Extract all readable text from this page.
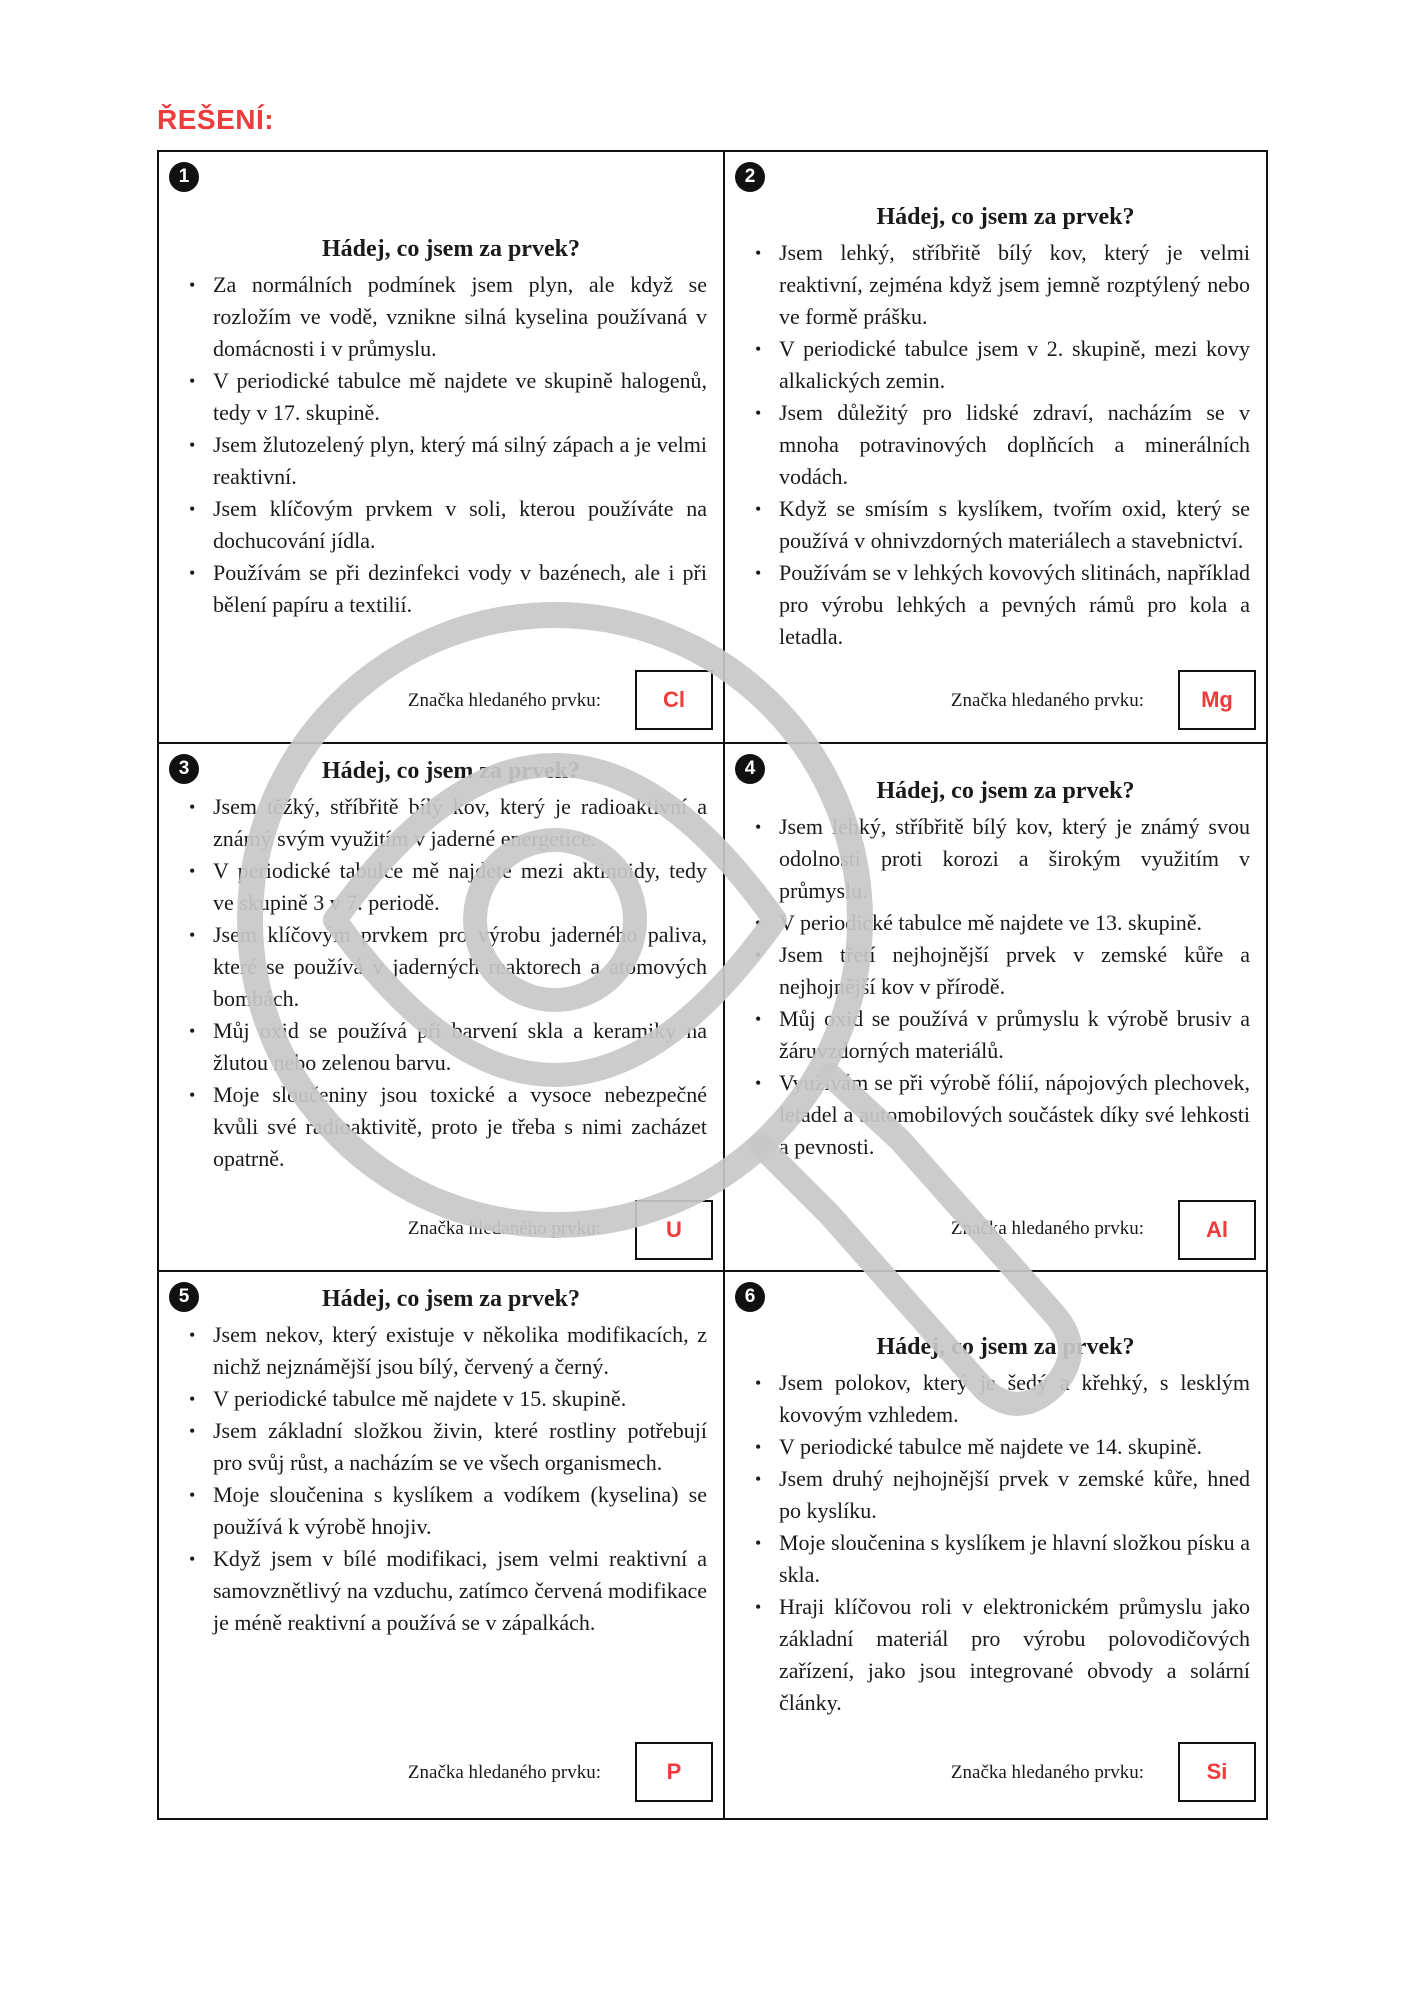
ŘEŠENÍ:
1
Hádej, co jsem za prvek?
• Za normálních podmínek jsem plyn, ale když se rozložím ve vodě, vznikne silná kyselina používaná v domácnosti i v průmyslu.
• V periodické tabulce mě najdete ve skupině halogenů, tedy v 17. skupině.
• Jsem žlutozelený plyn, který má silný zápach a je velmi reaktivní.
• Jsem klíčovým prvkem v soli, kterou používáte na dochucování jídla.
• Používám se při dezinfekci vody v bazénech, ale i při bělení papíru a textilií.
Značka hledaného prvku:	Cl
2
Hádej, co jsem za prvek?
• Jsem lehký, stříbřitě bílý kov, který je velmi reaktivní, zejména když jsem jemně rozptýlený nebo ve formě prášku.
• V periodické tabulce jsem v 2. skupině, mezi kovy alkalických zemin.
• Jsem důležitý pro lidské zdraví, nacházím se v mnoha potravinových doplňcích a minerálních vodách.
• Když se smísím s kyslíkem, tvořím oxid, který se používá v ohnivzdorných materiálech a stavebnictví.
• Používám se v lehkých kovových slitinách, například pro výrobu lehkých a pevných rámů pro kola a letadla.
Značka hledaného prvku:	Mg
3	Hádej, co jsem za prvek?
• Jsem těžký, stříbřitě bílý kov, který je radioaktivní a známý svým využitím v jaderné energetice.
• V periodické tabulce mě najdete mezi aktinoidy, tedy ve skupině 3 v 7. periodě.
• Jsem klíčovým prvkem pro výrobu jaderného paliva, které se používá v jaderných reaktorech a atomových bombách.
• Můj oxid se používá při barvení skla a keramiky na žlutou nebo zelenou barvu.
• Moje sloučeniny jsou toxické a vysoce nebezpečné kvůli své radioaktivitě, proto je třeba s nimi zacházet opatrně.
Značka hledaného prvku:	U
4
Hádej, co jsem za prvek?
• Jsem lehký, stříbřitě bílý kov, který je známý svou odolností proti korozi a širokým využitím v průmyslu.
• V periodické tabulce mě najdete ve 13. skupině.
• Jsem třetí nejhojnější prvek v zemské kůře a nejhojnější kov v přírodě.
• Můj oxid se používá v průmyslu k výrobě brusiv a žáruvzdorných materiálů.
• Využívám se při výrobě fólií, nápojových plechovek, letadel a automobilových součástek díky své lehkosti a pevnosti.
Značka hledaného prvku:	Al
5	Hádej, co jsem za prvek?
• Jsem nekov, který existuje v několika modifikacích, z nichž nejznámější jsou bílý, červený a černý.
• V periodické tabulce mě najdete v 15. skupině.
• Jsem základní složkou živin, které rostliny potřebují pro svůj růst, a nacházím se ve všech organismech.
• Moje sloučenina s kyslíkem a vodíkem (kyselina) se používá k výrobě hnojiv.
• Když jsem v bílé modifikaci, jsem velmi reaktivní a samovznětlivý na vzduchu, zatímco červená modifikace je méně reaktivní a používá se v zápalkách.
Značka hledaného prvku:	P
6
Hádej, co jsem za prvek?
• Jsem polokov, který je šedý a křehký, s lesklým kovovým vzhledem.
• V periodické tabulce mě najdete ve 14. skupině.
• Jsem druhý nejhojnější prvek v zemské kůře, hned po kyslíku.
• Moje sloučenina s kyslíkem je hlavní složkou písku a skla.
• Hraji klíčovou roli v elektronickém průmyslu jako základní materiál pro výrobu polovodičových zařízení, jako jsou integrované obvody a solární články.
Značka hledaného prvku:	Si
